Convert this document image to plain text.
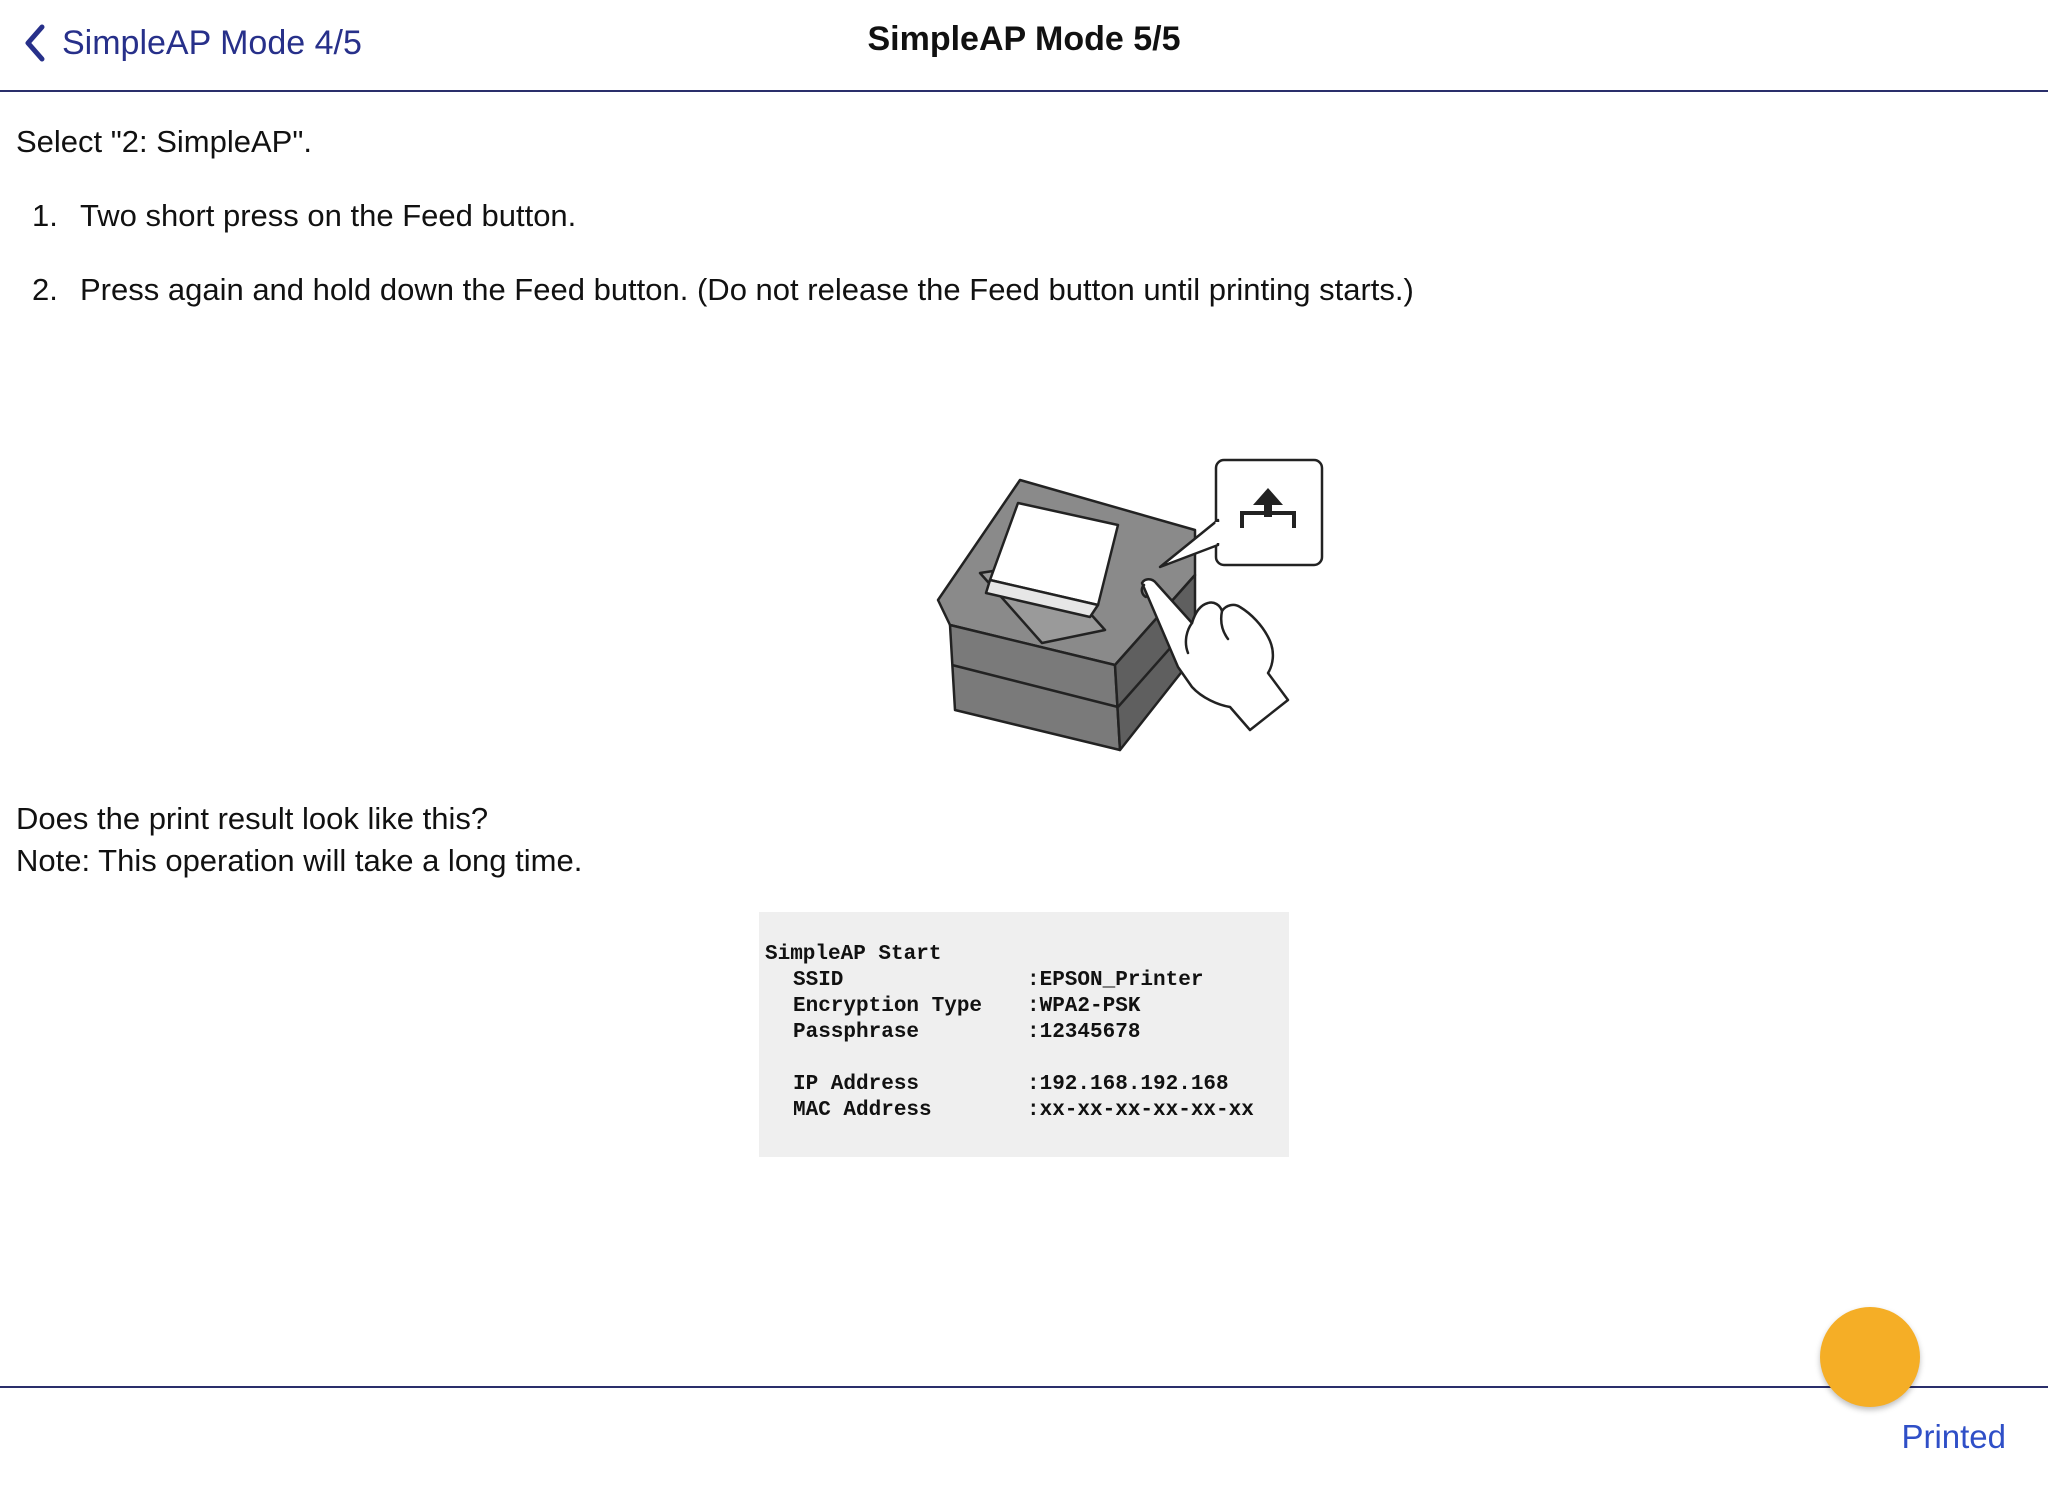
SimpleAP Mode 4/5	SimpleAP Mode 5/5
Select "2: SimpleAP".
1. Two short press on the Feed button.
2. Press again and hold down the Feed button. (Do not release the Feed button until printing starts.)
Does the print result look like this?
Note: This operation will take a long time.
SimpleAP Start
SSID	:EPSON_Printer
Encryption Type	:WPA2-PSK
Passphrase	:12345678
IP Address	:192.168.192.168
MAC Address	:xx-xx-xx-xx-xx-xx
Printed
